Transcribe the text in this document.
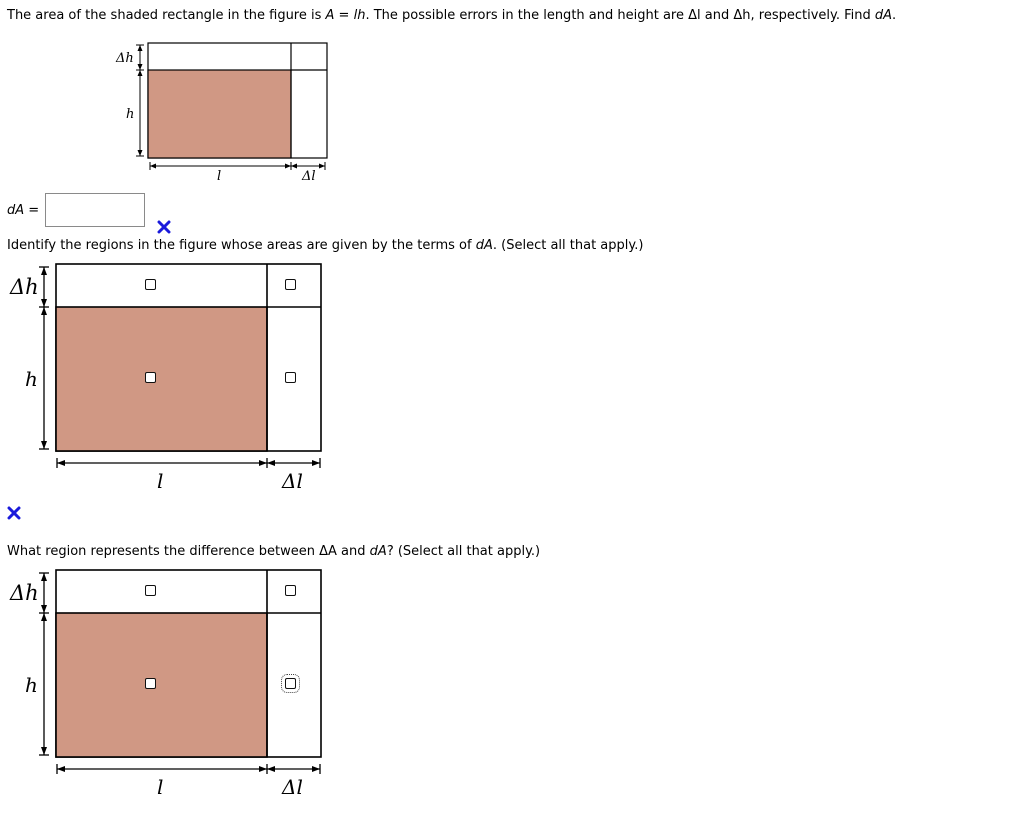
The area of the shaded rectangle in the figure is A = lh. The possible errors in the length and height are Δl and Δh, respectively. Find dA.
Δh
h
l	Δl
dA =
Identify the regions in the figure whose areas are given by the terms of dA. (Select all that apply.)
Δh
h
l	Δl
What region represents the difference between ΔA and dA? (Select all that apply.)
Δh
h
l	Δl
